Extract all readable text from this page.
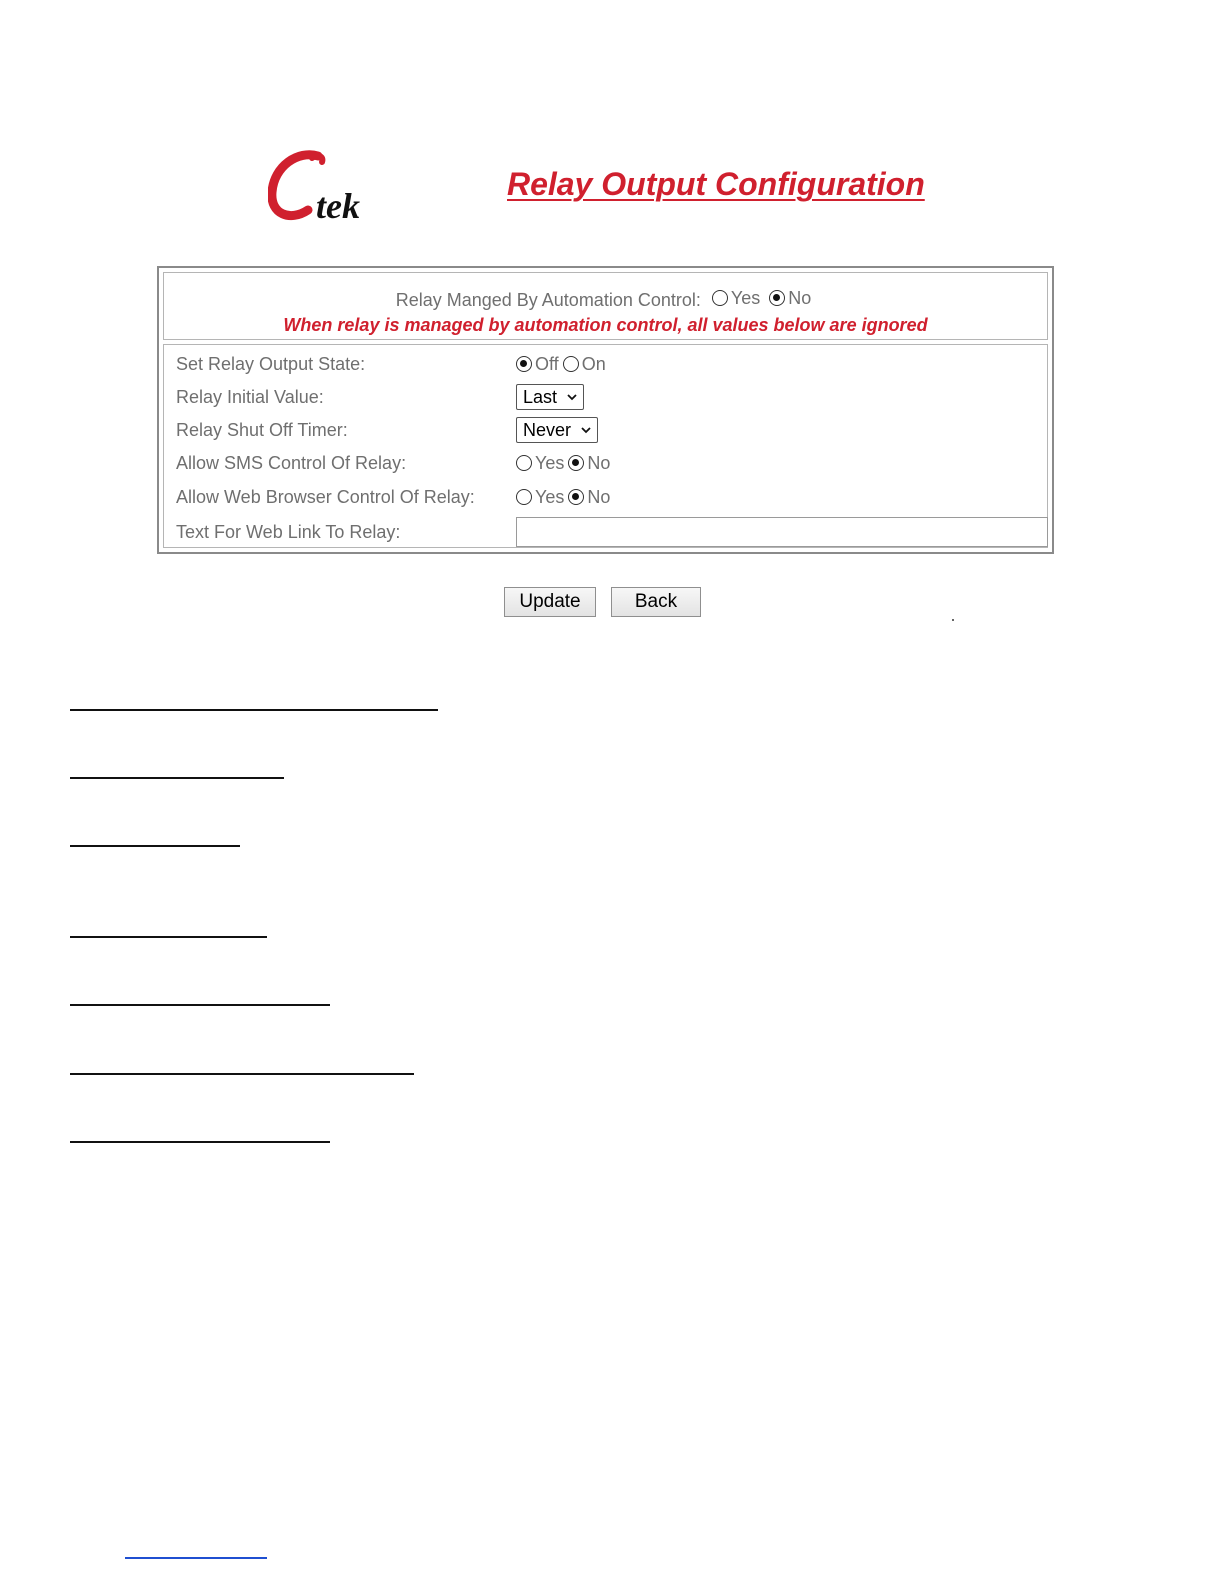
tek
Relay Output Configuration
Relay Manged By Automation Control: Yes
No
When relay is managed by automation control, all values below are ignored
Set Relay Output State:	Off On
Relay Initial Value:	Last
Relay Shut Off Timer:	Never
Allow SMS Control Of Relay:	Yes No
Allow Web Browser Control Of Relay:	Yes No
Text For Web Link To Relay:
Update	Back
